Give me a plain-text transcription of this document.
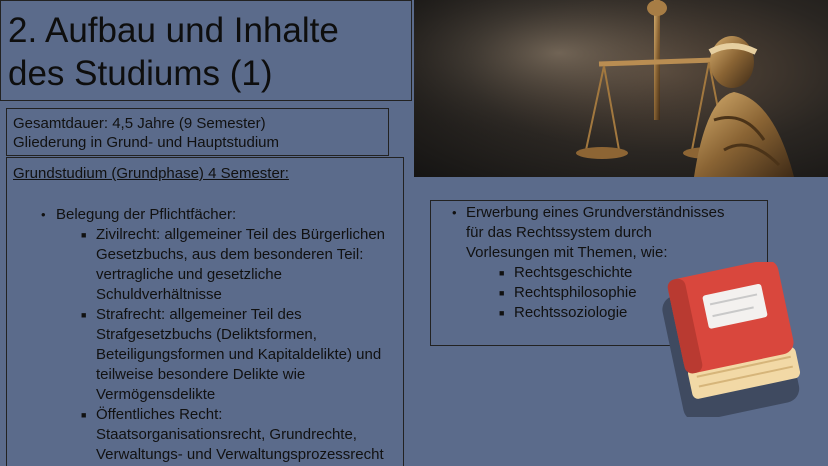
2. Aufbau und Inhalte
des Studiums (1)
Gesamtdauer: 4,5 Jahre (9 Semester)
Gliederung in Grund- und Hauptstudium
Grundstudium (Grundphase) 4 Semester:
• Belegung der Pflichtfächer:
■ Zivilrecht: allgemeiner Teil des Bürgerlichen
Gesetzbuchs, aus dem besonderen Teil:
vertragliche und gesetzliche
Schuldverhältnisse
■ Strafrecht: allgemeiner Teil des
Strafgesetzbuchs (Deliktsformen,
Beteiligungsformen und Kapitaldelikte) und
teilweise besondere Delikte wie
Vermögensdelikte
■ Öffentliches Recht:
Staatsorganisationsrecht, Grundrechte,
Verwaltungs- und Verwaltungsprozessrecht
• Erwerbung eines Grundverständnisses
für das Rechtssystem durch
Vorlesungen mit Themen, wie:
■ Rechtsgeschichte
■ Rechtsphilosophie
■ Rechtssoziologie
